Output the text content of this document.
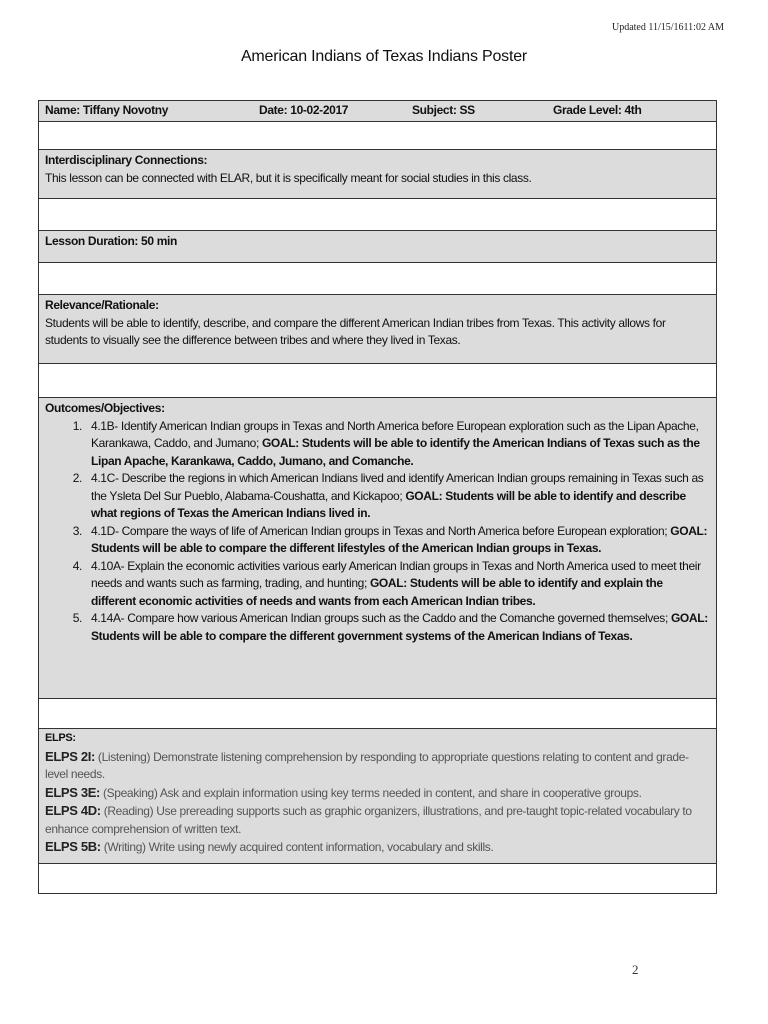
Updated 11/15/1611:02 AM
American Indians of Texas Indians Poster
Name: Tiffany Novotny	Date: 10-02-2017	Subject: SS	Grade Level: 4th

Interdisciplinary Connections:
This lesson can be connected with ELAR, but it is specifically meant for social studies in this class.

Lesson Duration: 50 min

Relevance/Rationale:
Students will be able to identify, describe, and compare the different American Indian tribes from Texas. This activity allows for students to visually see the difference between tribes and where they lived in Texas.

Outcomes/Objectives:
1. 4.1B- Identify American Indian groups in Texas and North America before European exploration such as the Lipan Apache, Karankawa, Caddo, and Jumano; GOAL: Students will be able to identify the American Indians of Texas such as the Lipan Apache, Karankawa, Caddo, Jumano, and Comanche.
2. 4.1C- Describe the regions in which American Indians lived and identify American Indian groups remaining in Texas such as the Ysleta Del Sur Pueblo, Alabama-Coushatta, and Kickapoo; GOAL: Students will be able to identify and describe what regions of Texas the American Indians lived in.
3. 4.1D- Compare the ways of life of American Indian groups in Texas and North America before European exploration; GOAL: Students will be able to compare the different lifestyles of the American Indian groups in Texas.
4. 4.10A- Explain the economic activities various early American Indian groups in Texas and North America used to meet their needs and wants such as farming, trading, and hunting; GOAL: Students will be able to identify and explain the different economic activities of needs and wants from each American Indian tribes.
5. 4.14A- Compare how various American Indian groups such as the Caddo and the Comanche governed themselves; GOAL: Students will be able to compare the different government systems of the American Indians of Texas.

ELPS:
ELPS 2I: (Listening) Demonstrate listening comprehension by responding to appropriate questions relating to content and grade-level needs.
ELPS 3E: (Speaking) Ask and explain information using key terms needed in content, and share in cooperative groups.
ELPS 4D: (Reading) Use prereading supports such as graphic organizers, illustrations, and pre-taught topic-related vocabulary to enhance comprehension of written text.
ELPS 5B: (Writing) Write using newly acquired content information, vocabulary and skills.

2
